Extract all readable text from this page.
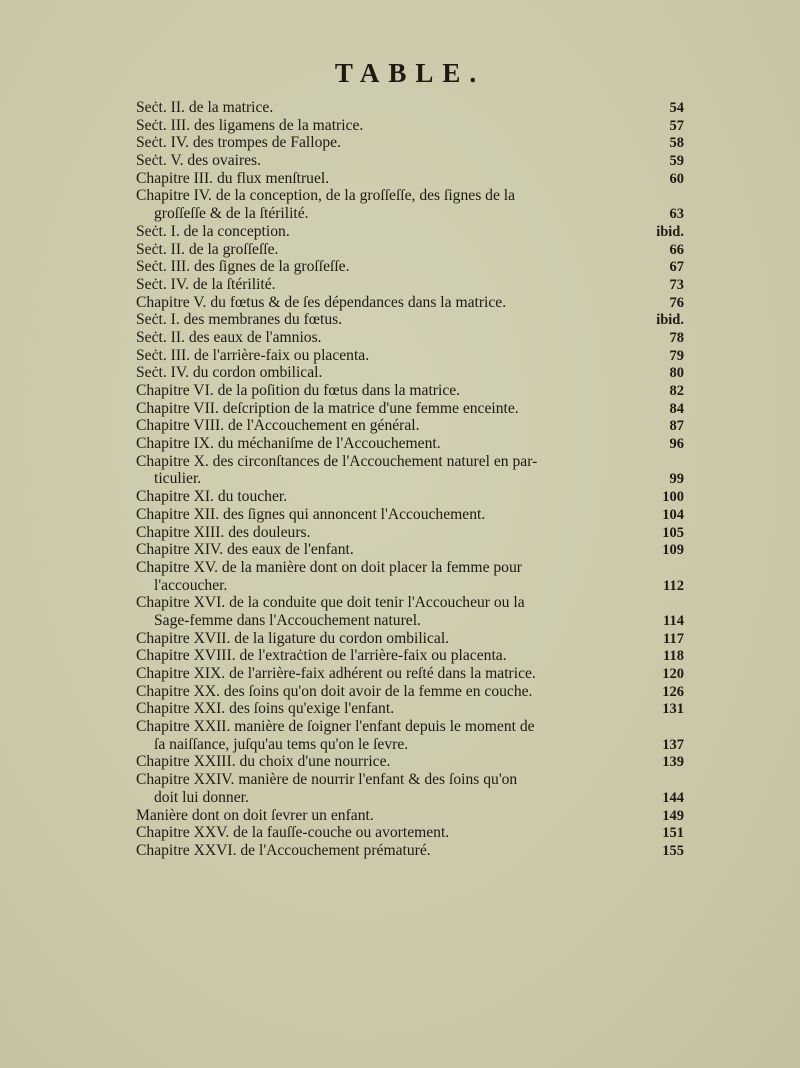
TABLE.
Seċt. II. de la matrice.	54
Seċt. III. des ligamens de la matrice.	57
Seċt. IV. des trompes de Fallope.	58
Seċt. V. des ovaires.	59
Chapitre III. du flux menſtruel.	60
Chapitre IV. de la conception, de la groſſeſſe, des ſignes de la
groſſeſſe & de la ſtérilité.	63
Seċt. I. de la conception.	ibid.
Seċt. II. de la groſſeſſe.	66
Seċt. III. des ſignes de la groſſeſſe.	67
Seċt. IV. de la ſtérilité.	73
Chapitre V. du fœtus & de ſes dépendances dans la matrice.	76
Seċt. I. des membranes du fœtus.	ibid.
Seċt. II. des eaux de l'amnios.	78
Seċt. III. de l'arrière-faix ou placenta.	79
Seċt. IV. du cordon ombilical.	80
Chapitre VI. de la poſition du fœtus dans la matrice.	82
Chapitre VII. deſcription de la matrice d'une femme enceinte.	84
Chapitre VIII. de l'Accouchement en général.	87
Chapitre IX. du méchaniſme de l'Accouchement.	96
Chapitre X. des circonſtances de l'Accouchement naturel en par-
ticulier.	99
Chapitre XI. du toucher.	100
Chapitre XII. des ſignes qui annoncent l'Accouchement.	104
Chapitre XIII. des douleurs.	105
Chapitre XIV. des eaux de l'enfant.	109
Chapitre XV. de la manière dont on doit placer la femme pour
l'accoucher.	112
Chapitre XVI. de la conduite que doit tenir l'Accoucheur ou la
Sage-femme dans l'Accouchement naturel.	114
Chapitre XVII. de la ligature du cordon ombilical.	117
Chapitre XVIII. de l'extraċtion de l'arrière-faix ou placenta.	118
Chapitre XIX. de l'arrière-faix adhérent ou reſté dans la matrice.	120
Chapitre XX. des ſoins qu'on doit avoir de la femme en couche.	126
Chapitre XXI. des ſoins qu'exige l'enfant.	131
Chapitre XXII. manière de ſoigner l'enfant depuis le moment de
ſa naiſſance, juſqu'au tems qu'on le ſevre.	137
Chapitre XXIII. du choix d'une nourrice.	139
Chapitre XXIV. manière de nourrir l'enfant & des ſoins qu'on
doit lui donner.	144
Manière dont on doit ſevrer un enfant.	149
Chapitre XXV. de la fauſſe-couche ou avortement.	151
Chapitre XXVI. de l'Accouchement prématuré.	155
